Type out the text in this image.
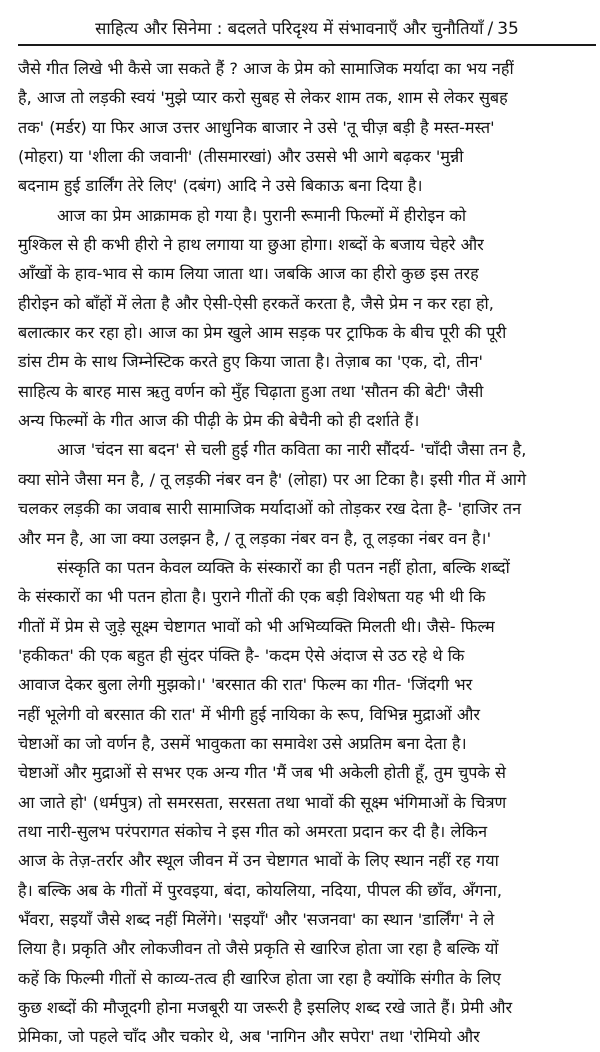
साहित्य और सिनेमा : बदलते परिदृश्य में संभावनाएँ और चुनौतियाँ / 35
जैसे गीत लिखे भी कैसे जा सकते हैं ? आज के प्रेम को सामाजिक मर्यादा का भय नहीं
है, आज तो लड़की स्वयं 'मुझे प्यार करो सुबह से लेकर शाम तक, शाम से लेकर सुबह
तक' (मर्डर) या फिर आज उत्तर आधुनिक बाजार ने उसे 'तू चीज़ बड़ी है मस्त-मस्त'
(मोहरा) या 'शीला की जवानी' (तीसमारखां) और उससे भी आगे बढ़कर 'मुन्नी
बदनाम हुई डार्लिंग तेरे लिए' (दबंग) आदि ने उसे बिकाऊ बना दिया है।
आज का प्रेम आक्रामक हो गया है। पुरानी रूमानी फिल्मों में हीरोइन को
मुश्किल से ही कभी हीरो ने हाथ लगाया या छुआ होगा। शब्दों के बजाय चेहरे और
आँखों के हाव-भाव से काम लिया जाता था। जबकि आज का हीरो कुछ इस तरह
हीरोइन को बाँहों में लेता है और ऐसी-ऐसी हरकतें करता है, जैसे प्रेम न कर रहा हो,
बलात्कार कर रहा हो। आज का प्रेम खुले आम सड़क पर ट्राफिक के बीच पूरी की पूरी
डांस टीम के साथ जिम्नेस्टिक करते हुए किया जाता है। तेज़ाब का 'एक, दो, तीन'
साहित्य के बारह मास ऋतु वर्णन को मुँह चिढ़ाता हुआ तथा 'सौतन की बेटी' जैसी
अन्य फिल्मों के गीत आज की पीढ़ी के प्रेम की बेचैनी को ही दर्शाते हैं।
आज 'चंदन सा बदन' से चली हुई गीत कविता का नारी सौंदर्य- 'चाँदी जैसा तन है,
क्या सोने जैसा मन है, / तू लड़की नंबर वन है' (लोहा) पर आ टिका है। इसी गीत में आगे
चलकर लड़की का जवाब सारी सामाजिक मर्यादाओं को तोड़कर रख देता है- 'हाजिर तन
और मन है, आ जा क्या उलझन है, / तू लड़का नंबर वन है, तू लड़का नंबर वन है।'
संस्कृति का पतन केवल व्यक्ति के संस्कारों का ही पतन नहीं होता, बल्कि शब्दों
के संस्कारों का भी पतन होता है। पुराने गीतों की एक बड़ी विशेषता यह भी थी कि
गीतों में प्रेम से जुड़े सूक्ष्म चेष्टागत भावों को भी अभिव्यक्ति मिलती थी। जैसे- फिल्म
'हकीकत' की एक बहुत ही सुंदर पंक्ति है- 'कदम ऐसे अंदाज से उठ रहे थे कि
आवाज देकर बुला लेगी मुझको।' 'बरसात की रात' फिल्म का गीत- 'जिंदगी भर
नहीं भूलेगी वो बरसात की रात' में भीगी हुई नायिका के रूप, विभिन्न मुद्राओं और
चेष्टाओं का जो वर्णन है, उसमें भावुकता का समावेश उसे अप्रतिम बना देता है।
चेष्टाओं और मुद्राओं से सभर एक अन्य गीत 'मैं जब भी अकेली होती हूँ, तुम चुपके से
आ जाते हो' (धर्मपुत्र) तो समरसता, सरसता तथा भावों की सूक्ष्म भंगिमाओं के चित्रण
तथा नारी-सुलभ परंपरागत संकोच ने इस गीत को अमरता प्रदान कर दी है। लेकिन
आज के तेज़-तर्रार और स्थूल जीवन में उन चेष्टागत भावों के लिए स्थान नहीं रह गया
है। बल्कि अब के गीतों में पुरवइया, बंदा, कोयलिया, नदिया, पीपल की छाँव, अँगना,
भँवरा, सइयाँ जैसे शब्द नहीं मिलेंगे। 'सइयाँ' और 'सजनवा' का स्थान 'डार्लिंग' ने ले
लिया है। प्रकृति और लोकजीवन तो जैसे प्रकृति से खारिज होता जा रहा है बल्कि यों
कहें कि फिल्मी गीतों से काव्य-तत्व ही खारिज होता जा रहा है क्योंकि संगीत के लिए
कुछ शब्दों की मौजूदगी होना मजबूरी या जरूरी है इसलिए शब्द रखे जाते हैं। प्रेमी और
प्रेमिका, जो पहले चाँद और चकोर थे, अब 'नागिन और सपेरा' तथा 'रोमियो और
